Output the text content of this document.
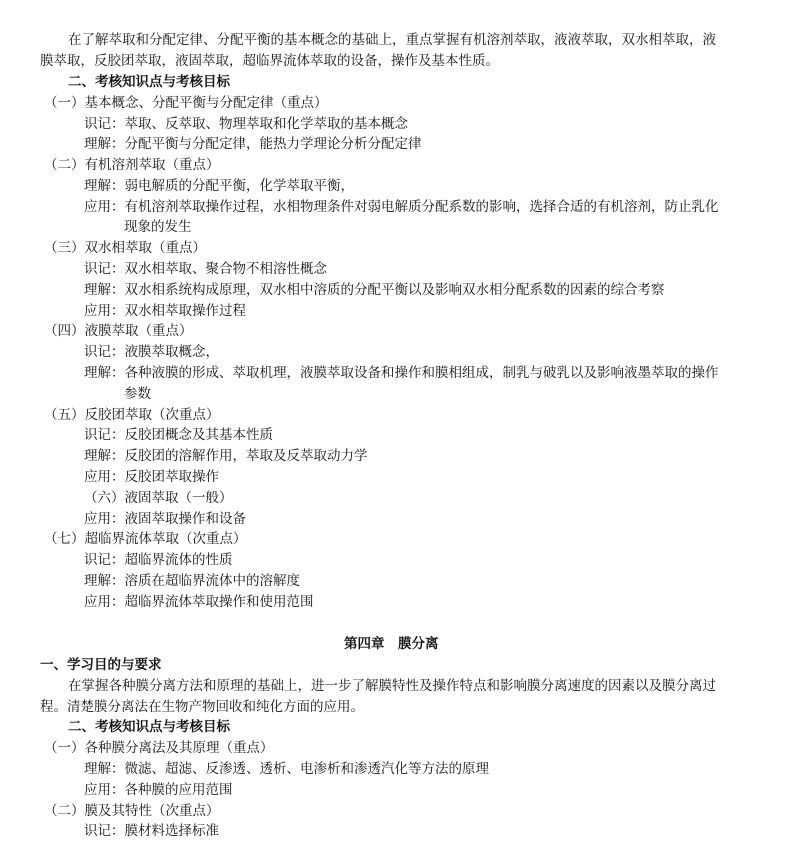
在了解萃取和分配定律、分配平衡的基本概念的基础上，重点掌握有机溶剂萃取，液液萃取，双水相萃取，液
膜萃取，反胶团萃取，液固萃取，超临界流体萃取的设备，操作及基本性质。
二、考核知识点与考核目标
（一）基本概念、分配平衡与分配定律（重点）
识记：萃取、反萃取、物理萃取和化学萃取的基本概念
理解：分配平衡与分配定律，能热力学理论分析分配定律
（二）有机溶剂萃取（重点）
理解：弱电解质的分配平衡，化学萃取平衡，
应用：有机溶剂萃取操作过程，水相物理条件对弱电解质分配系数的影响，选择合适的有机溶剂，防止乳化
现象的发生
（三）双水相萃取（重点）
识记：双水相萃取、聚合物不相溶性概念
理解：双水相系统构成原理，双水相中溶质的分配平衡以及影响双水相分配系数的因素的综合考察
应用：双水相萃取操作过程
（四）液膜萃取（重点）
识记：液膜萃取概念，
理解：各种液膜的形成、萃取机理，液膜萃取设备和操作和膜相组成，制乳与破乳以及影响液墨萃取的操作
参数
（五）反胶团萃取（次重点）
识记：反胶团概念及其基本性质
理解：反胶团的溶解作用，萃取及反萃取动力学
应用：反胶团萃取操作
（六）液固萃取（一般）
应用：液固萃取操作和设备
（七）超临界流体萃取（次重点）
识记：超临界流体的性质
理解：溶质在超临界流体中的溶解度
应用：超临界流体萃取操作和使用范围
第四章　膜分离
一、学习目的与要求
在掌握各种膜分离方法和原理的基础上，进一步了解膜特性及操作特点和影响膜分离速度的因素以及膜分离过
程。清楚膜分离法在生物产物回收和纯化方面的应用。
二、考核知识点与考核目标
（一）各种膜分离法及其原理（重点）
理解：微滤、超滤、反渗透、透析、电渗析和渗透汽化等方法的原理
应用：各种膜的应用范围
（二）膜及其特性（次重点）
识记：膜材料选择标准
